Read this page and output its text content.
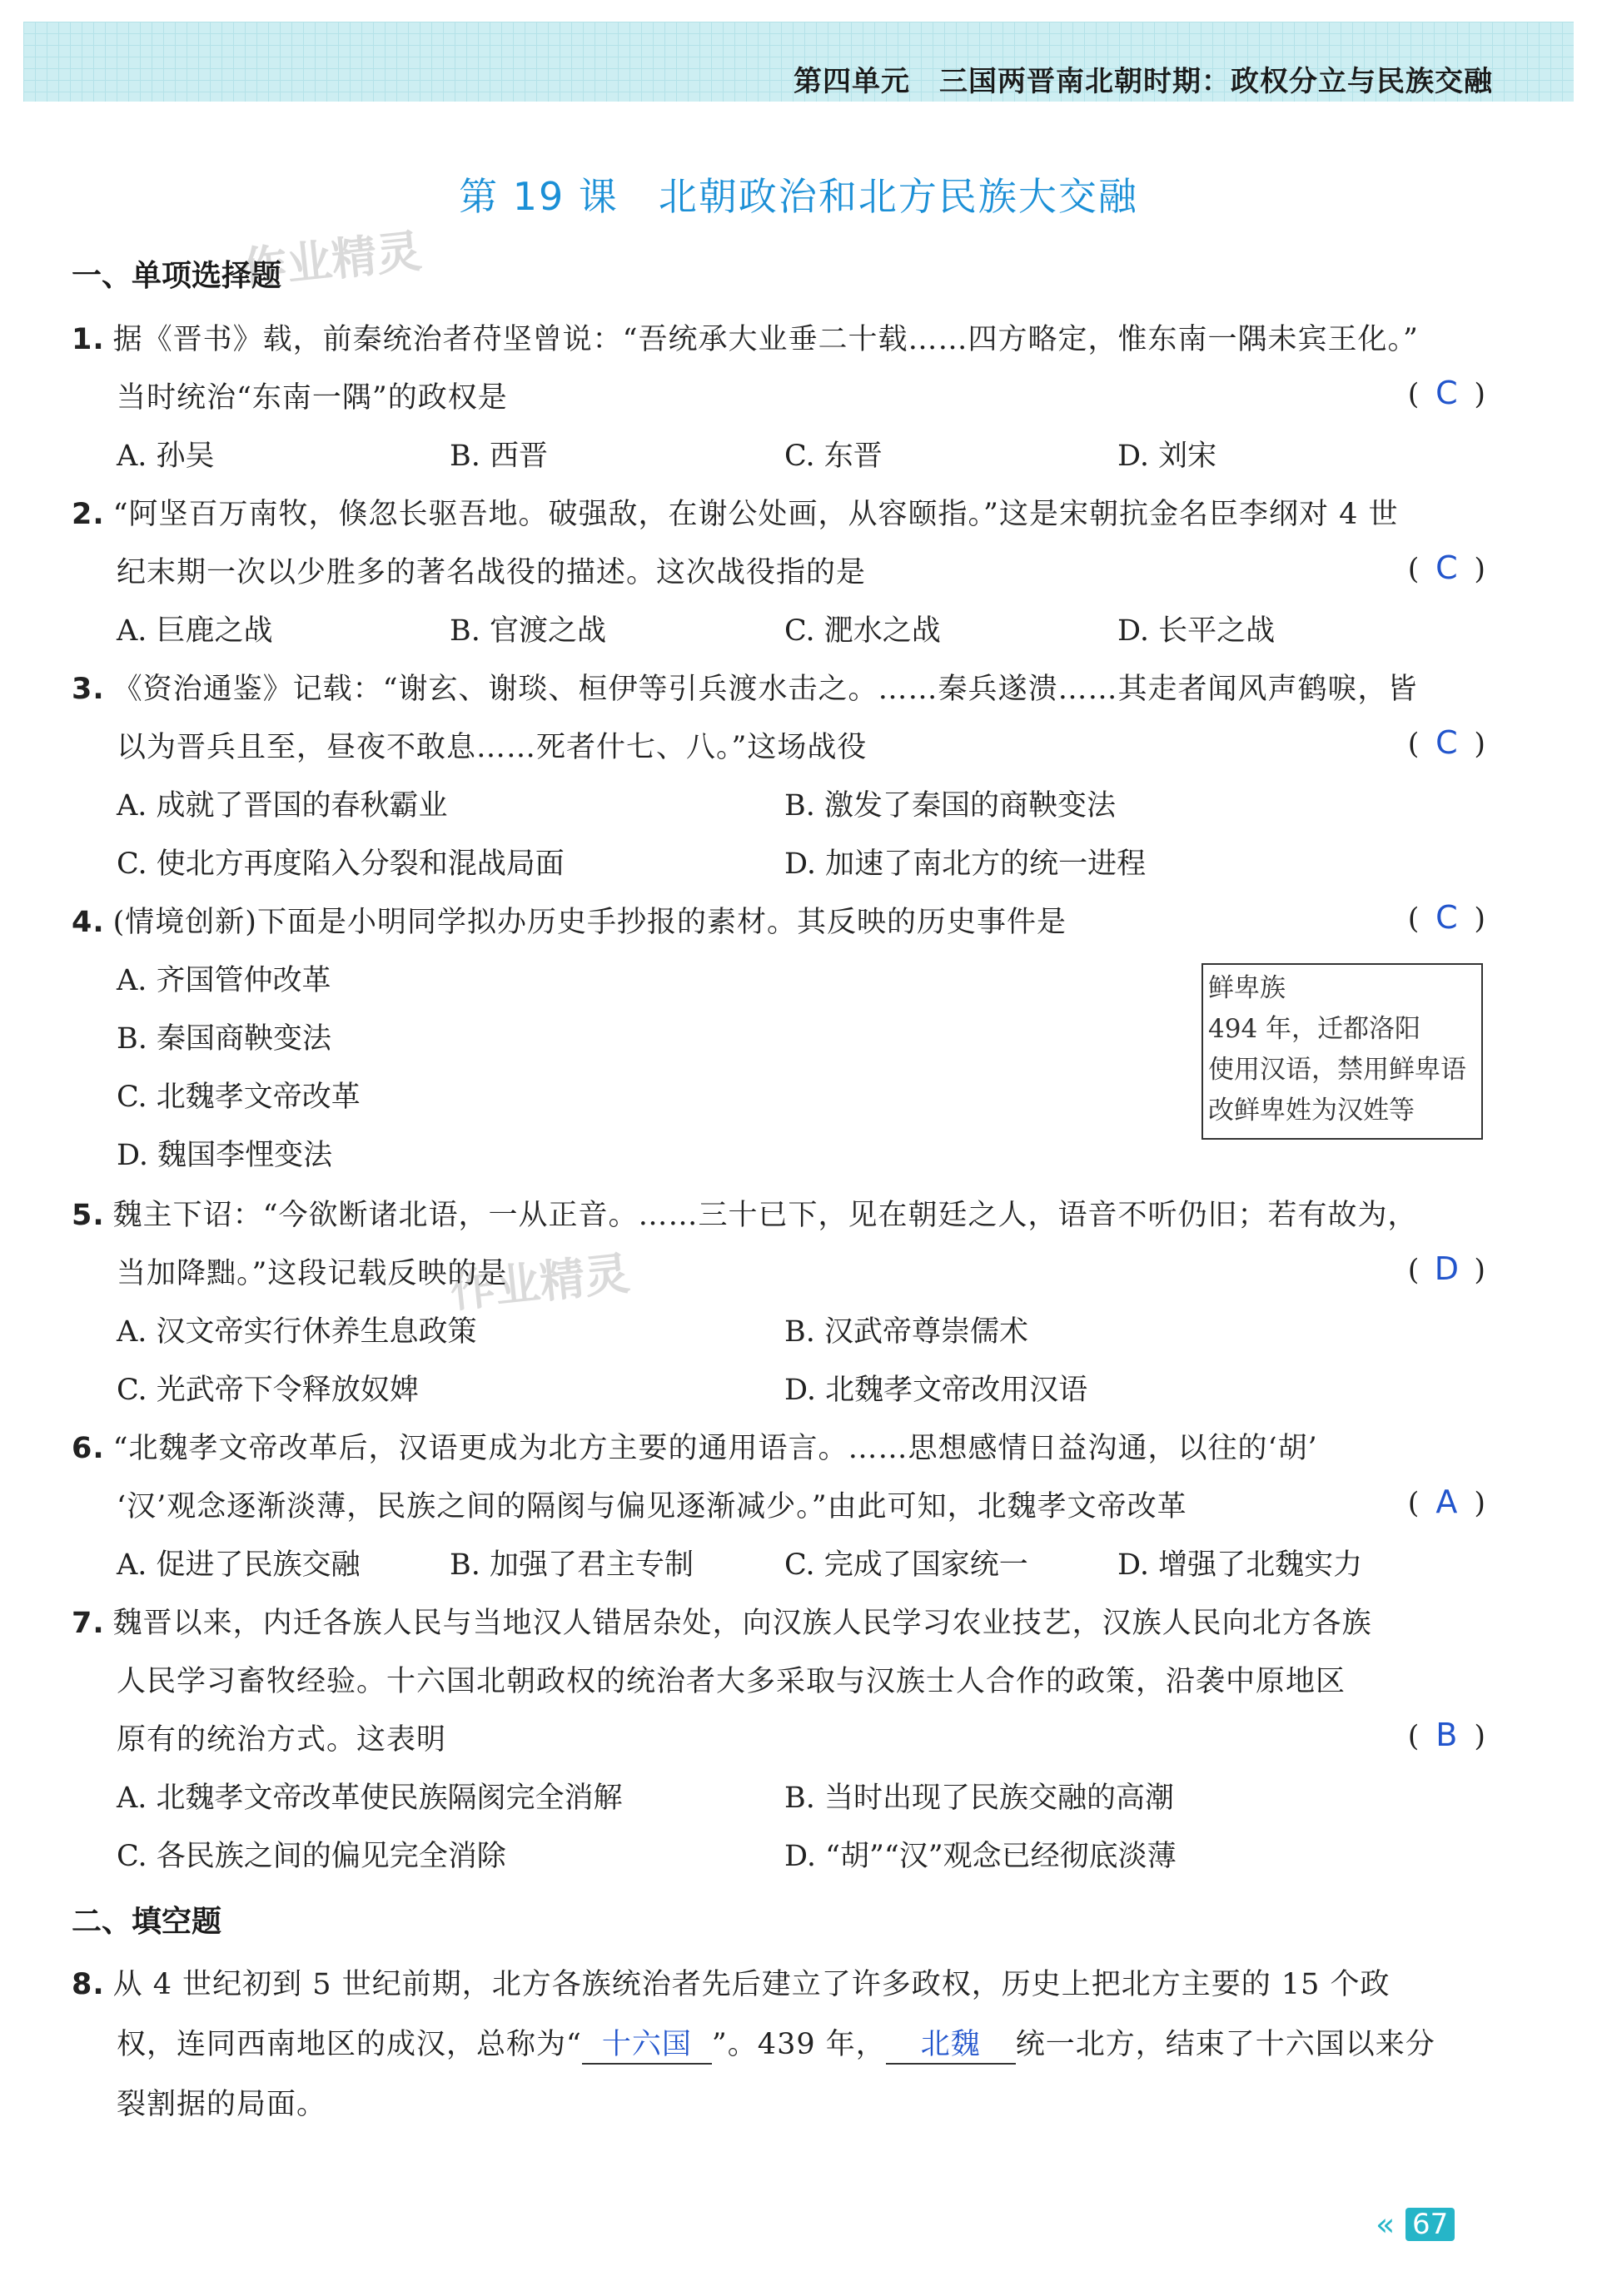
第四单元　三国两晋南北朝时期：政权分立与民族交融
第 19 课　北朝政治和北方民族大交融
作业精灵
作业精灵
一、单项选择题
1. 据《晋书》载，前秦统治者苻坚曾说：“吾统承大业垂二十载……四方略定，惟东南一隅未宾王化。”
当时统治“东南一隅”的政权是	( C )
A. 孙吴	B. 西晋	C. 东晋	D. 刘宋
2. “阿坚百万南牧，倏忽长驱吾地。破强敌，在谢公处画，从容颐指。”这是宋朝抗金名臣李纲对 4 世
纪末期一次以少胜多的著名战役的描述。这次战役指的是	( C )
A. 巨鹿之战	B. 官渡之战	C. 淝水之战	D. 长平之战
3. 《资治通鉴》记载：“谢玄、谢琰、桓伊等引兵渡水击之。……秦兵遂溃……其走者闻风声鹤唳，皆
以为晋兵且至，昼夜不敢息……死者什七、八。”这场战役	( C )
A. 成就了晋国的春秋霸业	B. 激发了秦国的商鞅变法
C. 使北方再度陷入分裂和混战局面	D. 加速了南北方的统一进程
4. (情境创新)下面是小明同学拟办历史手抄报的素材。其反映的历史事件是	( C )
A. 齐国管仲改革
B. 秦国商鞅变法
C. 北魏孝文帝改革
D. 魏国李悝变法
鲜卑族
494 年，迁都洛阳
使用汉语，禁用鲜卑语
改鲜卑姓为汉姓等
5. 魏主下诏：“今欲断诸北语，一从正音。……三十已下，见在朝廷之人，语音不听仍旧；若有故为，
当加降黜。”这段记载反映的是	( D )
A. 汉文帝实行休养生息政策	B. 汉武帝尊崇儒术
C. 光武帝下令释放奴婢	D. 北魏孝文帝改用汉语
6. “北魏孝文帝改革后，汉语更成为北方主要的通用语言。……思想感情日益沟通，以往的‘胡’
‘汉’观念逐渐淡薄，民族之间的隔阂与偏见逐渐减少。”由此可知，北魏孝文帝改革	( A )
A. 促进了民族交融	B. 加强了君主专制	C. 完成了国家统一	D. 增强了北魏实力
7. 魏晋以来，内迁各族人民与当地汉人错居杂处，向汉族人民学习农业技艺，汉族人民向北方各族
人民学习畜牧经验。十六国北朝政权的统治者大多采取与汉族士人合作的政策，沿袭中原地区
原有的统治方式。这表明	( B )
A. 北魏孝文帝改革使民族隔阂完全消解	B. 当时出现了民族交融的高潮
C. 各民族之间的偏见完全消除	D. “胡”“汉”观念已经彻底淡薄
二、填空题
8. 从 4 世纪初到 5 世纪前期，北方各族统治者先后建立了许多政权，历史上把北方主要的 15 个政
权，连同西南地区的成汉，总称为“ 十六国 ”。439 年， 北魏 统一北方，结束了十六国以来分
裂割据的局面。
« 67
